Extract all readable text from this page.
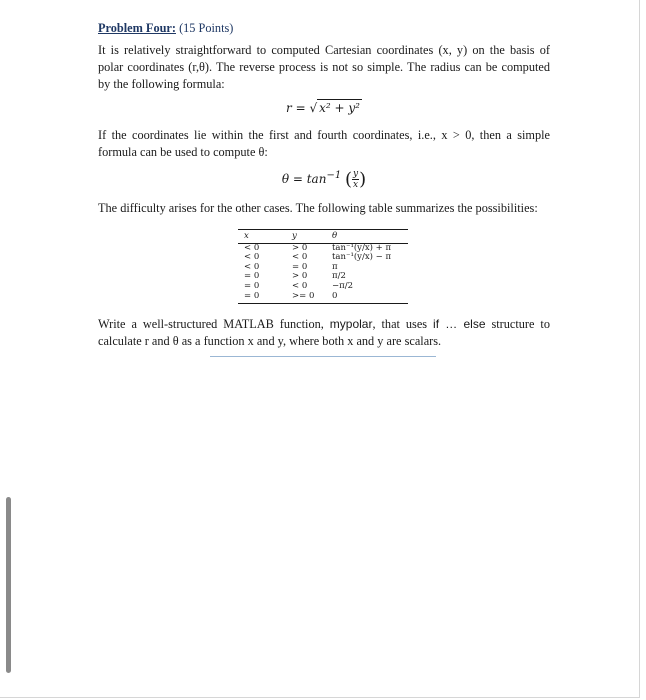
Problem Four: (15 Points)

It is relatively straightforward to computed Cartesian coordinates (x, y) on the basis of polar coordinates (r,θ). The reverse process is not so simple. The radius can be computed by the following formula:

r = √ x² + y²

If the coordinates lie within the first and fourth coordinates, i.e., x > 0, then a simple formula can be used to compute θ:

$\theta = \tan^{-1}$ ( $\frac{y}{x}$ )

The difficulty arises for the other cases. The following table summarizes the possibilities:

x	y	θ
< 0	> 0	tan⁻¹(y/x) + π
< 0	< 0	tan⁻¹(y/x) − π
< 0	= 0	π
= 0	> 0	π/2
= 0	< 0	−π/2
= 0	>= 0	0

Write a well-structured MATLAB function, mypolar, that uses if … else structure to calculate r and θ as a function x and y, where both x and y are scalars.
